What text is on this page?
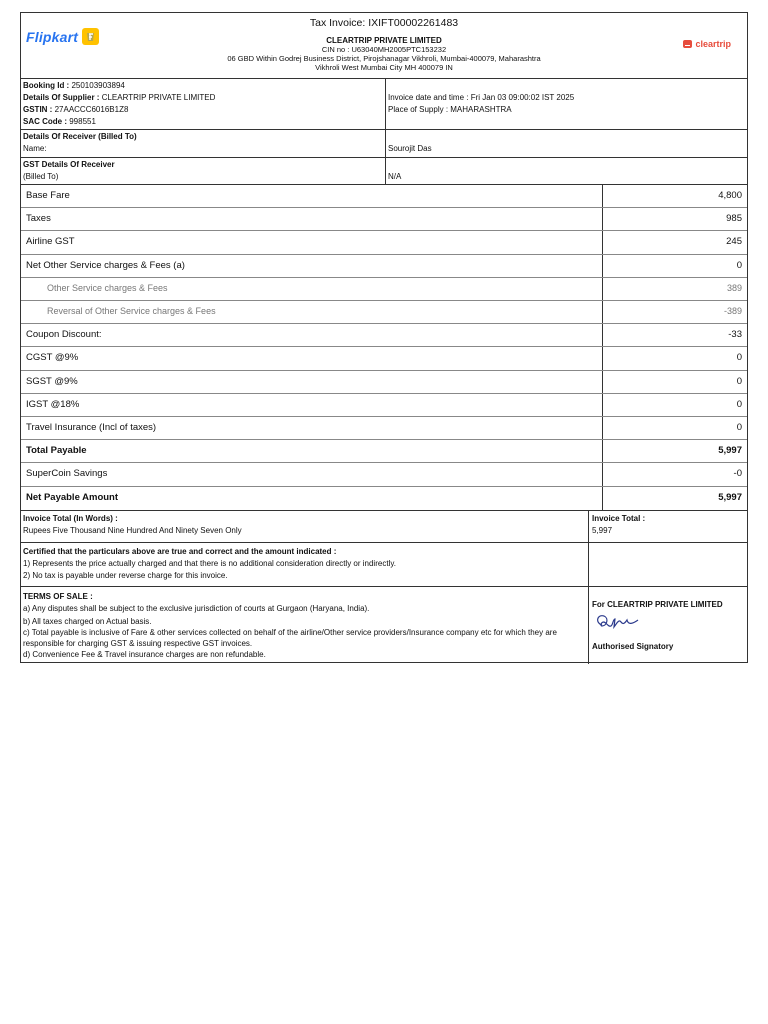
Flipkart	cleartrip
Tax Invoice: IXIFT00002261483
CLEARTRIP PRIVATE LIMITED
CIN no : U63040MH2005PTC153232
06 GBD Within Godrej Business District, Pirojshanagar Vikhroli, Mumbai-400079, Maharashtra
Vikhroli West Mumbai City MH 400079 IN
Booking Id : 250103903894
Details Of Supplier : CLEARTRIP PRIVATE LIMITED
GSTIN : 27AACCC6016B1Z8
SAC Code : 998551
Invoice date and time : Fri Jan 03 09:00:02 IST 2025
Place of Supply : MAHARASHTRA
Details Of Receiver (Billed To)
Name:	Sourojit Das
GST Details Of Receiver
(Billed To)	N/A
Invoice Total (In Words) :
Rupees Five Thousand Nine Hundred And Ninety Seven Only
Invoice Total :
5,997
Certified that the particulars above are true and correct and the amount indicated :
1) Represents the price actually charged and that there is no additional consideration directly or indirectly.
2) No tax is payable under reverse charge for this invoice.
TERMS OF SALE :
a) Any disputes shall be subject to the exclusive jurisdiction of courts at Gurgaon (Haryana, India).
b) All taxes charged on Actual basis.
c) Total payable is inclusive of Fare & other services collected on behalf of the airline/Other service providers/Insurance company etc for which they are
responsible for charging GST & issuing respective GST invoices.
d) Convenience Fee & Travel insurance charges are non refundable.
For CLEARTRIP PRIVATE LIMITED
Authorised Signatory
Base Fare	4,800
Taxes	985
Airline GST	245
Net Other Service charges & Fees (a)	0
Other Service charges & Fees	389
Reversal of Other Service charges & Fees	-389
Coupon Discount:	-33
CGST @9%	0
SGST @9%	0
IGST @18%	0
Travel Insurance (Incl of taxes)	0
Total Payable	5,997
SuperCoin Savings	-0
Net Payable Amount	5,997
